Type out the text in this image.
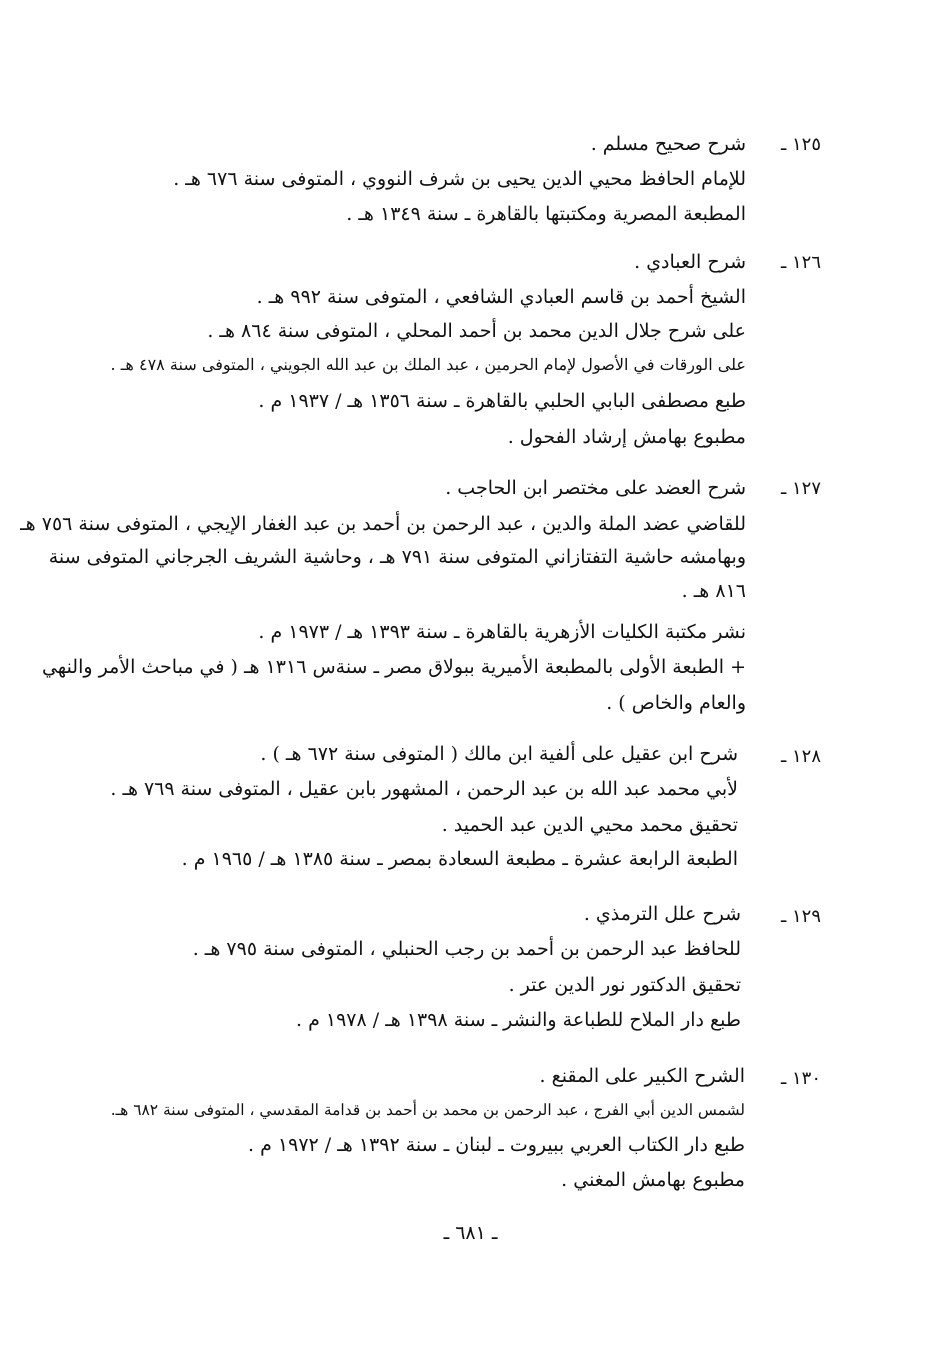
١٢٥ ـ
شرح صحيح مسلم .
للإمام الحافظ محيي الدين يحيى بن شرف النووي ، المتوفى سنة ٦٧٦ هـ .
المطبعة المصرية ومكتبتها بالقاهرة ـ سنة ١٣٤٩ هـ .
١٢٦ ـ
شرح العبادي .
الشيخ أحمد بن قاسم العبادي الشافعي ، المتوفى سنة ٩٩٢ هـ .
على شرح جلال الدين محمد بن أحمد المحلي ، المتوفى سنة ٨٦٤ هـ .
على الورقات في الأصول لإمام الحرمين ، عبد الملك بن عبد الله الجويني ، المتوفى سنة ٤٧٨ هـ .
طبع مصطفى البابي الحلبي بالقاهرة ـ سنة ١٣٥٦ هـ / ١٩٣٧ م .
مطبوع بهامش إرشاد الفحول .
١٢٧ ـ
شرح العضد على مختصر ابن الحاجب .
للقاضي عضد الملة والدين ، عبد الرحمن بن أحمد بن عبد الغفار الإيجي ، المتوفى سنة ٧٥٦ هـ
وبهامشه حاشية التفتازاني المتوفى سنة ٧٩١ هـ ، وحاشية الشريف الجرجاني المتوفى سنة
٨١٦ هـ .
نشر مكتبة الكليات الأزهرية بالقاهرة ـ سنة ١٣٩٣ هـ / ١٩٧٣ م .
+ الطبعة الأولى بالمطبعة الأميرية ببولاق مصر ـ سنةس ١٣١٦ هـ ( في مباحث الأمر والنهي
والعام والخاص ) .
١٢٨ ـ
شرح ابن عقيل على ألفية ابن مالك ( المتوفى سنة ٦٧٢ هـ ) .
لأبي محمد عبد الله بن عبد الرحمن ، المشهور بابن عقيل ، المتوفى سنة ٧٦٩ هـ .
تحقيق محمد محيي الدين عبد الحميد .
الطبعة الرابعة عشرة ـ مطبعة السعادة بمصر ـ سنة ١٣٨٥ هـ / ١٩٦٥ م .
١٢٩ ـ
شرح علل الترمذي .
للحافظ عبد الرحمن بن أحمد بن رجب الحنبلي ، المتوفى سنة ٧٩٥ هـ .
تحقيق الدكتور نور الدين عتر .
طبع دار الملاح للطباعة والنشر ـ سنة ١٣٩٨ هـ / ١٩٧٨ م .
١٣٠ ـ
الشرح الكبير على المقنع .
لشمس الدين أبي الفرج ، عبد الرحمن بن محمد بن أحمد بن قدامة المقدسي ، المتوفى سنة ٦٨٢ هـ.
طبع دار الكتاب العربي ببيروت ـ لبنان ـ سنة ١٣٩٢ هـ / ١٩٧٢ م .
مطبوع بهامش المغني .
ـ ٦٨١ ـ
